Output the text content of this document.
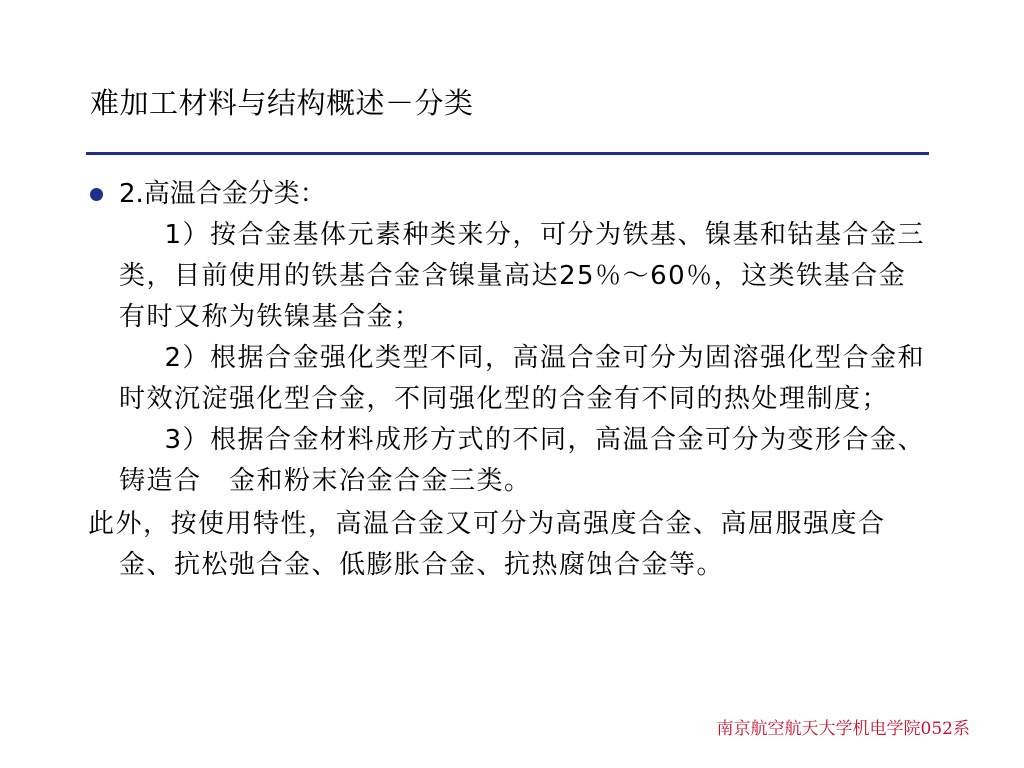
难加工材料与结构概述－分类
2.高温合金分类：
1）按合金基体元素种类来分，可分为铁基、镍基和钴基合金三类，目前使用的铁基合金含镍量高达25％～60％，这类铁基合金有时又称为铁镍基合金；
2）根据合金强化类型不同，高温合金可分为固溶强化型合金和时效沉淀强化型合金，不同强化型的合金有不同的热处理制度；
3）根据合金材料成形方式的不同，高温合金可分为变形合金、铸造合　金和粉末冶金合金三类。
此外，按使用特性，高温合金又可分为高强度合金、高屈服强度合金、抗松弛合金、低膨胀合金、抗热腐蚀合金等。
南京航空航天大学机电学院052系
